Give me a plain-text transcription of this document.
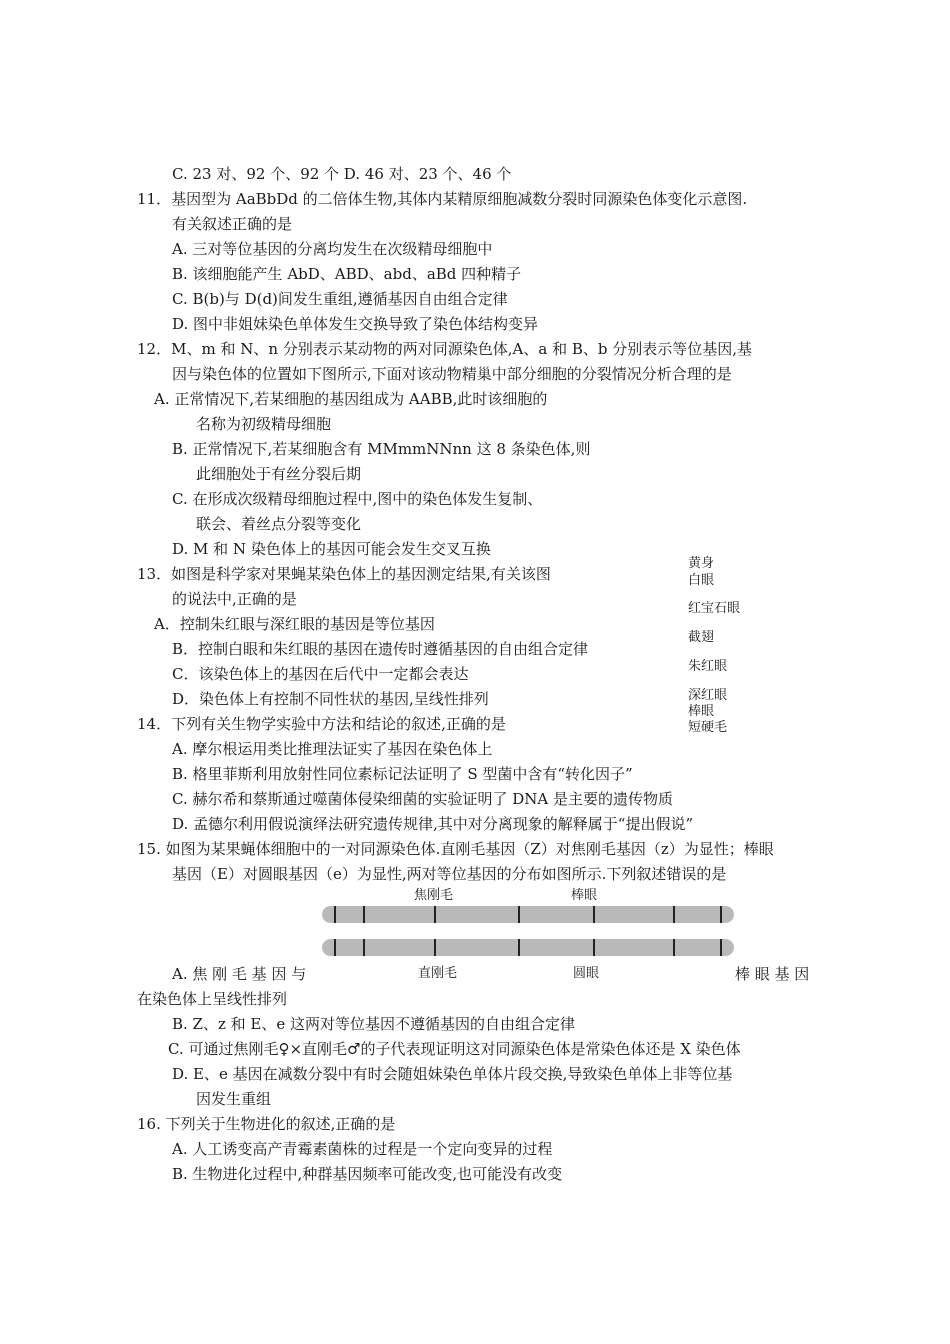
C. 23 对、92 个、92 个 D. 46 对、23 个、46 个
11．基因型为 AaBbDd 的二倍体生物,其体内某精原细胞减数分裂时同源染色体变化示意图.
有关叙述正确的是
A. 三对等位基因的分离均发生在次级精母细胞中
B. 该细胞能产生 AbD、ABD、abd、aBd 四种精子
C. B(b)与 D(d)间发生重组,遵循基因自由组合定律
D. 图中非姐妹染色单体发生交换导致了染色体结构变异
12．M、m 和 N、n 分别表示某动物的两对同源染色体,A、a 和 B、b 分别表示等位基因,基
因与染色体的位置如下图所示,下面对该动物精巢中部分细胞的分裂情况分析合理的是
A. 正常情况下,若某细胞的基因组成为 AABB,此时该细胞的
名称为初级精母细胞
B. 正常情况下,若某细胞含有 MMmmNNnn 这 8 条染色体,则
此细胞处于有丝分裂后期
C. 在形成次级精母细胞过程中,图中的染色体发生复制、
联会、着丝点分裂等变化
D. M 和 N 染色体上的基因可能会发生交叉互换
13．如图是科学家对果蝇某染色体上的基因测定结果,有关该图
的说法中,正确的是
A．控制朱红眼与深红眼的基因是等位基因
B．控制白眼和朱红眼的基因在遗传时遵循基因的自由组合定律
C．该染色体上的基因在后代中一定都会表达
D．染色体上有控制不同性状的基因,呈线性排列
14．下列有关生物学实验中方法和结论的叙述,正确的是
A. 摩尔根运用类比推理法证实了基因在染色体上
B. 格里菲斯利用放射性同位素标记法证明了 S 型菌中含有“转化因子”
C. 赫尔希和蔡斯通过噬菌体侵染细菌的实验证明了 DNA 是主要的遗传物质
D. 孟德尔利用假说演绎法研究遗传规律,其中对分离现象的解释属于“提出假说”
15. 如图为某果蝇体细胞中的一对同源染色体.直刚毛基因（Z）对焦刚毛基因（z）为显性；棒眼
基因（E）对圆眼基因（e）为显性,两对等位基因的分布如图所示.下列叙述错误的是
A. 焦 刚 毛 基 因 与	棒 眼 基 因
在染色体上呈线性排列
B. Z、z 和 E、e 这两对等位基因不遵循基因的自由组合定律
C. 可通过焦刚毛♀×直刚毛♂的子代表现证明这对同源染色体是常染色体还是 X 染色体
D. E、e 基因在减数分裂中有时会随姐妹染色单体片段交换,导致染色单体上非等位基
因发生重组
16. 下列关于生物进化的叙述,正确的是
A. 人工诱变高产青霉素菌株的过程是一个定向变异的过程
B. 生物进化过程中,种群基因频率可能改变,也可能没有改变
黄身
白眼
红宝石眼
截翅
朱红眼
深红眼
棒眼
短硬毛
焦刚毛	棒眼
直刚毛	圆眼
